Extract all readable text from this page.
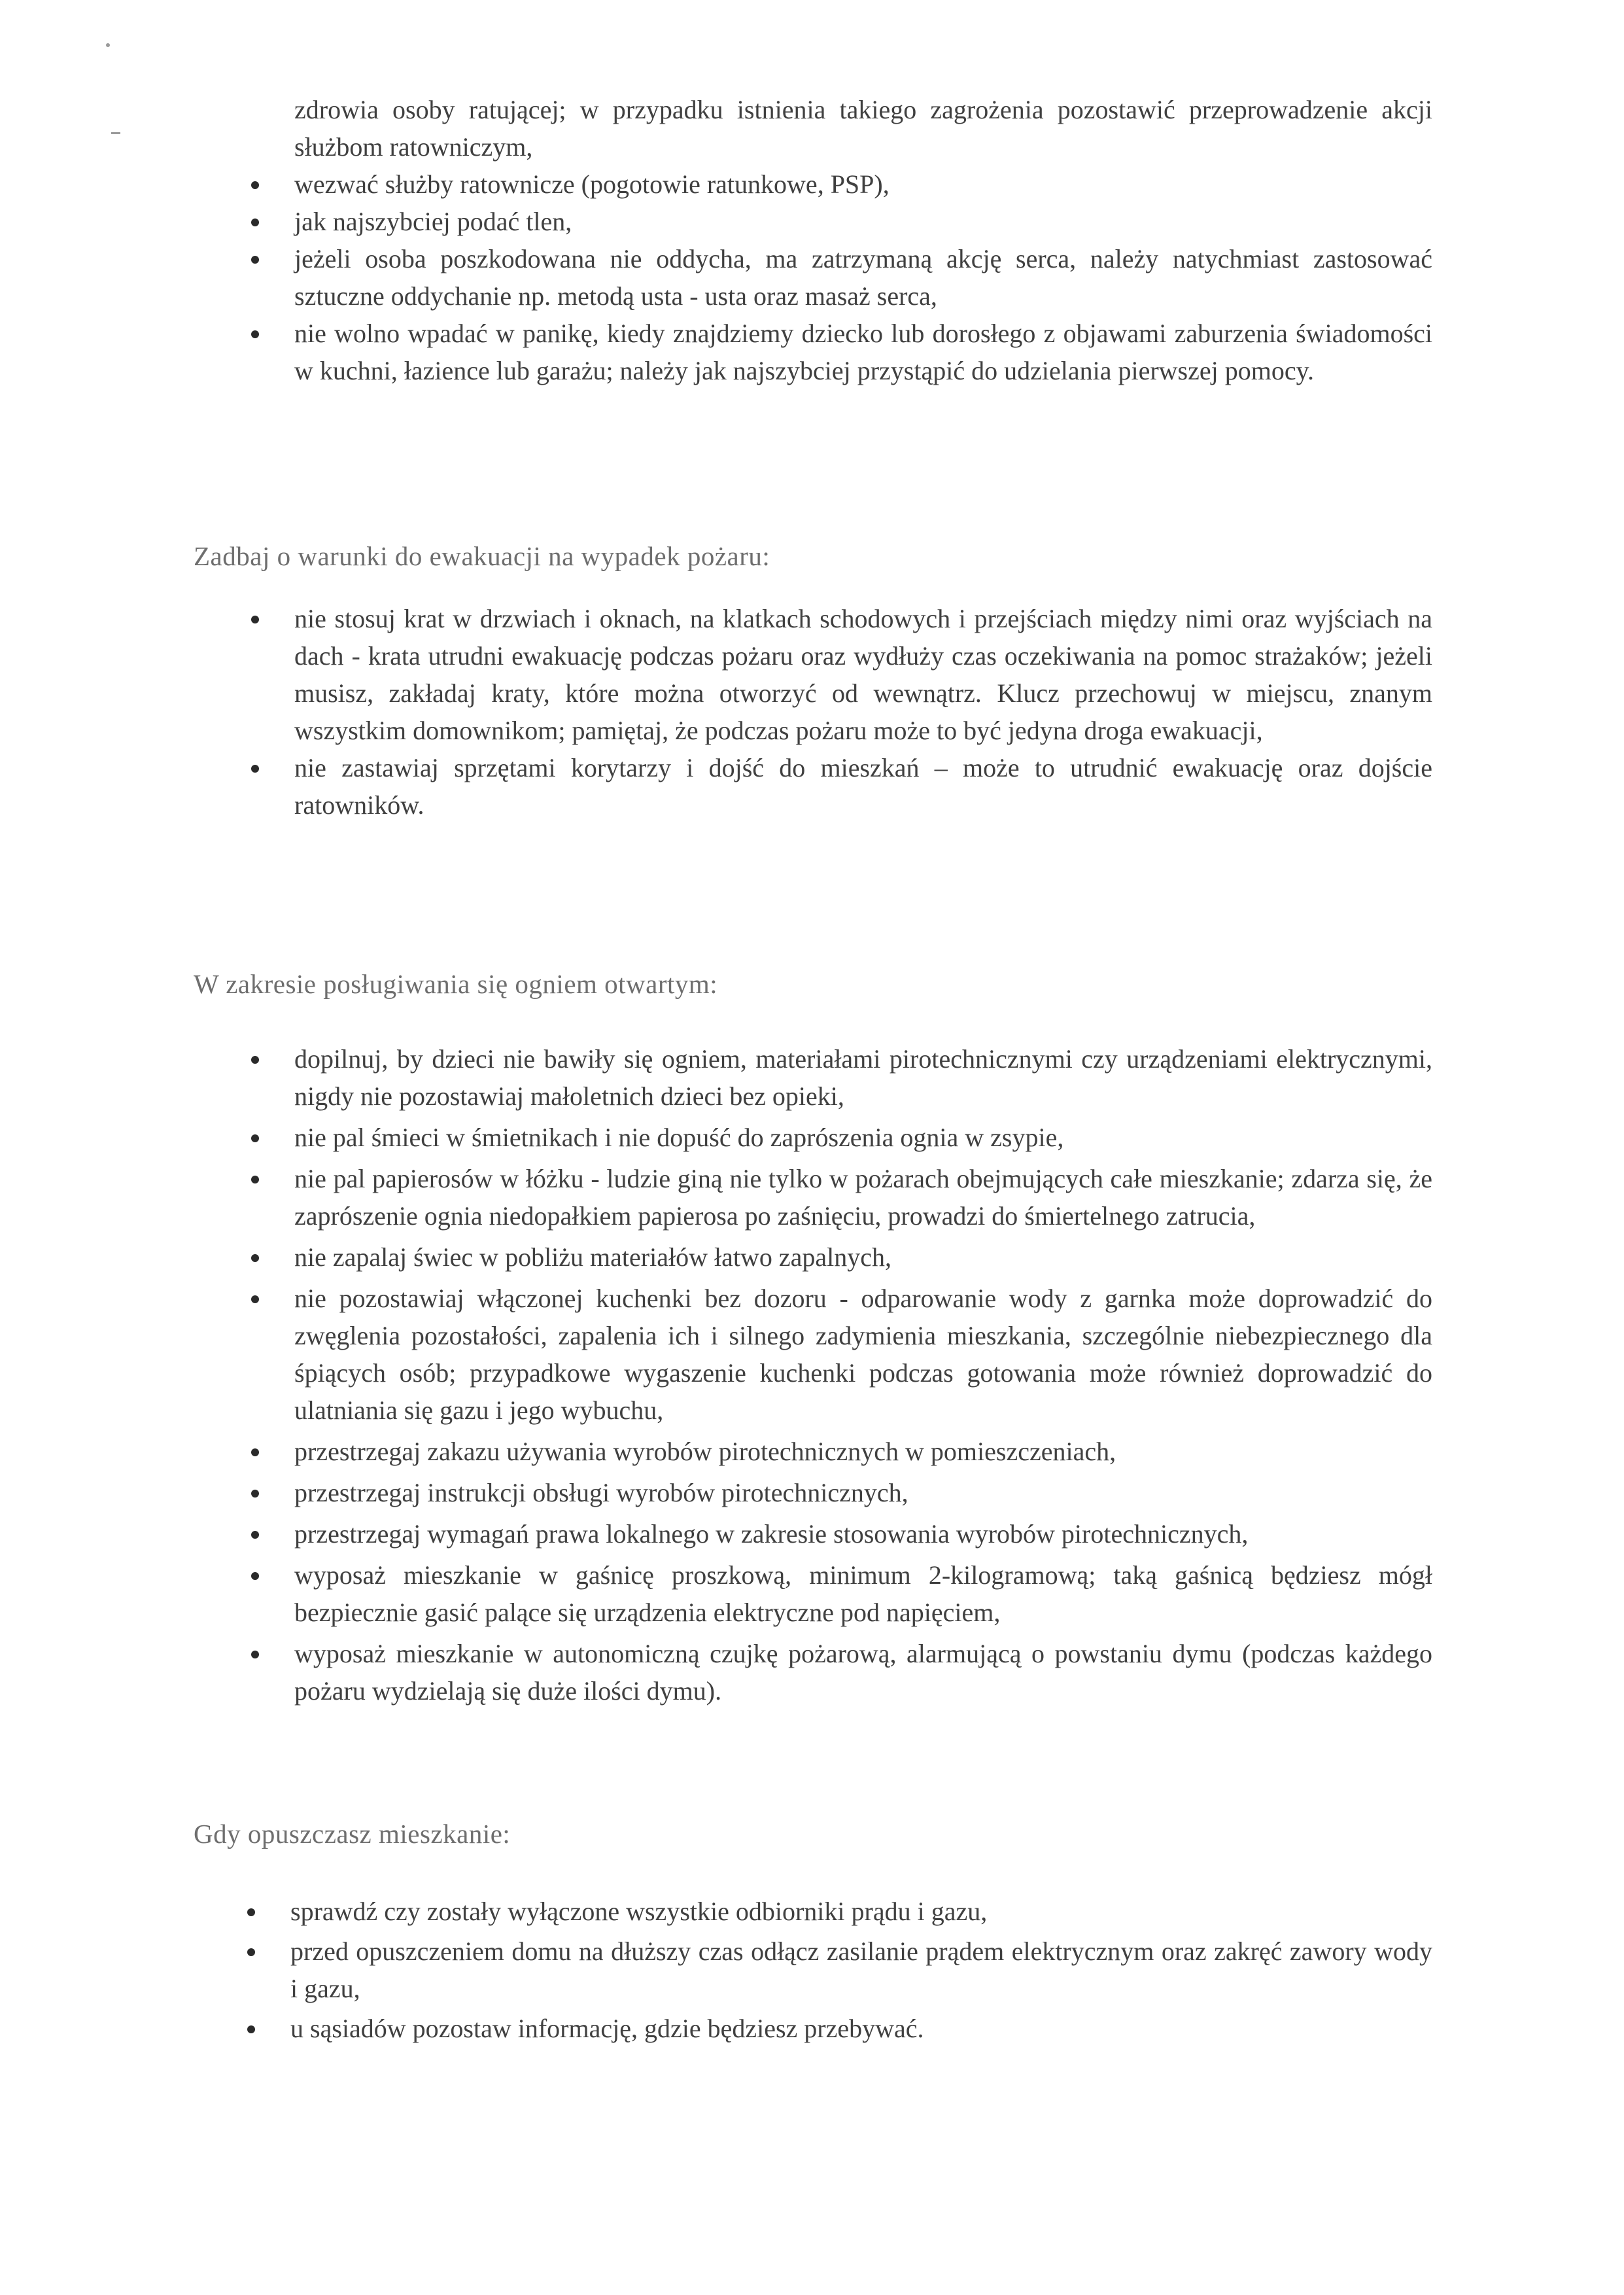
zdrowia osoby ratującej; w przypadku istnienia takiego zagrożenia pozostawić przeprowadzenie akcji służbom ratowniczym,
wezwać służby ratownicze (pogotowie ratunkowe, PSP),
jak najszybciej podać tlen,
jeżeli osoba poszkodowana nie oddycha, ma zatrzymaną akcję serca, należy natychmiast zastosować sztuczne oddychanie np. metodą usta - usta oraz masaż serca,
nie wolno wpadać w panikę, kiedy znajdziemy dziecko lub dorosłego z objawami zaburzenia świadomości w kuchni, łazience lub garażu; należy jak najszybciej przystąpić do udzielania pierwszej pomocy.
Zadbaj o warunki do ewakuacji na wypadek pożaru:
nie stosuj krat w drzwiach i oknach, na klatkach schodowych i przejściach między nimi oraz wyjściach na dach - krata utrudni ewakuację podczas pożaru oraz wydłuży czas oczekiwania na pomoc strażaków; jeżeli musisz, zakładaj kraty, które można otworzyć od wewnątrz. Klucz przechowuj w miejscu, znanym wszystkim domownikom; pamiętaj, że podczas pożaru może to być jedyna droga ewakuacji,
nie zastawiaj sprzętami korytarzy i dojść do mieszkań – może to utrudnić ewakuację oraz dojście ratowników.
W zakresie posługiwania się ogniem otwartym:
dopilnuj, by dzieci nie bawiły się ogniem, materiałami pirotechnicznymi czy urządzeniami elektrycznymi, nigdy nie pozostawiaj małoletnich dzieci bez opieki,
nie pal śmieci w śmietnikach i nie dopuść do zaprószenia ognia w zsypie,
nie pal papierosów w łóżku - ludzie giną nie tylko w pożarach obejmujących całe mieszkanie; zdarza się, że zaprószenie ognia niedopałkiem papierosa po zaśnięciu, prowadzi do śmiertelnego zatrucia,
nie zapalaj świec w pobliżu materiałów łatwo zapalnych,
nie pozostawiaj włączonej kuchenki bez dozoru - odparowanie wody z garnka może doprowadzić do zwęglenia pozostałości, zapalenia ich i silnego zadymienia mieszkania, szczególnie niebezpiecznego dla śpiących osób; przypadkowe wygaszenie kuchenki podczas gotowania może również doprowadzić do ulatniania się gazu i jego wybuchu,
przestrzegaj zakazu używania wyrobów pirotechnicznych w pomieszczeniach,
przestrzegaj instrukcji obsługi wyrobów pirotechnicznych,
przestrzegaj wymagań prawa lokalnego w zakresie stosowania wyrobów pirotechnicznych,
wyposaż mieszkanie w gaśnicę proszkową, minimum 2-kilogramową; taką gaśnicą będziesz mógł bezpiecznie gasić palące się urządzenia elektryczne pod napięciem,
wyposaż mieszkanie w autonomiczną czujkę pożarową, alarmującą o powstaniu dymu (podczas każdego pożaru wydzielają się duże ilości dymu).
Gdy opuszczasz mieszkanie:
sprawdź czy zostały wyłączone wszystkie odbiorniki prądu i gazu,
przed opuszczeniem domu na dłuższy czas odłącz zasilanie prądem elektrycznym oraz zakręć zawory wody i gazu,
u sąsiadów pozostaw informację, gdzie będziesz przebywać.
